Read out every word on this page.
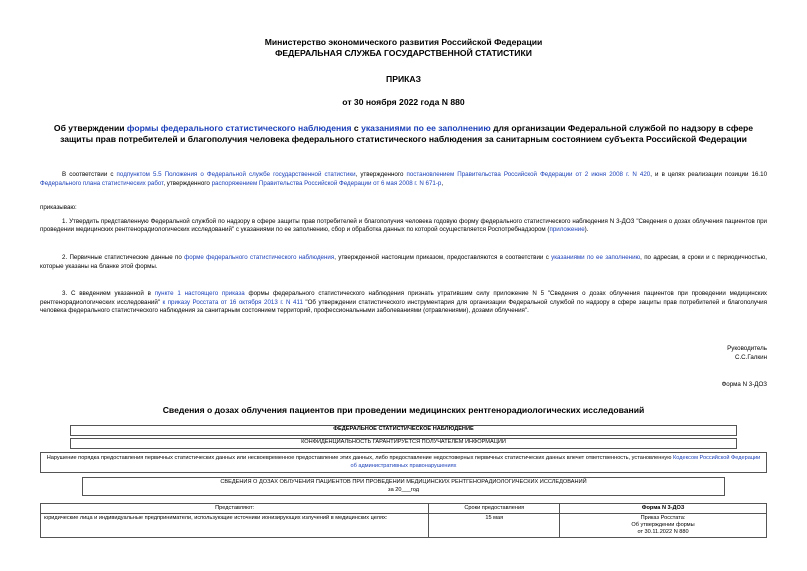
Министерство экономического развития Российской Федерации
ФЕДЕРАЛЬНАЯ СЛУЖБА ГОСУДАРСТВЕННОЙ СТАТИСТИКИ
ПРИКАЗ
от 30 ноября 2022 года N 880
Об утверждении формы федерального статистического наблюдения с указаниями по ее заполнению для организации Федеральной службой по надзору в сфере защиты прав потребителей и благополучия человека федерального статистического наблюдения за санитарным состоянием субъекта Российской Федерации
В соответствии с подпунктом 5.5 Положения о Федеральной службе государственной статистики, утвержденного постановлением Правительства Российской Федерации от 2 июня 2008 г. N 420, и в целях реализации позиции 16.10 Федерального плана статистических работ, утвержденного распоряжением Правительства Российской Федерации от 6 мая 2008 г. N 671-р,
приказываю:
1. Утвердить представленную Федеральной службой по надзору в сфере защиты прав потребителей и благополучия человека годовую форму федерального статистического наблюдения N 3-ДОЗ "Сведения о дозах облучения пациентов при проведении медицинских рентгенорадиологических исследований" с указаниями по ее заполнению, сбор и обработка данных по которой осуществляется Роспотребнадзором (приложение).
2. Первичные статистические данные по форме федерального статистического наблюдения, утвержденной настоящим приказом, предоставляются в соответствии с указаниями по ее заполнению, по адресам, в сроки и с периодичностью, которые указаны на бланке этой формы.
3. С введением указанной в пункте 1 настоящего приказа формы федерального статистического наблюдения признать утратившим силу приложение N 5 "Сведения о дозах облучения пациентов при проведении медицинских рентгенорадиологических исследований" к приказу Росстата от 16 октября 2013 г. N 411 "Об утверждении статистического инструментария для организации Федеральной службой по надзору в сфере защиты прав потребителей и благополучия человека федерального статистического наблюдения за санитарным состоянием территорий, профессиональными заболеваниями (отравлениями), дозами облучения".
Руководитель
С.С.Галкин
Форма N 3-ДОЗ
Сведения о дозах облучения пациентов при проведении медицинских рентгенорадиологических исследований
ФЕДЕРАЛЬНОЕ СТАТИСТИЧЕСКОЕ НАБЛЮДЕНИЕ
КОНФИДЕНЦИАЛЬНОСТЬ ГАРАНТИРУЕТСЯ ПОЛУЧАТЕЛЕМ ИНФОРМАЦИИ
Нарушение порядка предоставления первичных статистических данных или несвоевременное предоставление этих данных, либо предоставление недостоверных первичных статистических данных влечет ответственность, установленную Кодексом Российской Федерации об административных правонарушениях
СВЕДЕНИЯ О ДОЗАХ ОБЛУЧЕНИЯ ПАЦИЕНТОВ ПРИ ПРОВЕДЕНИИ МЕДИЦИНСКИХ РЕНТГЕНОРАДИОЛОГИЧЕСКИХ ИССЛЕДОВАНИЙ
за 20___год
Представляют:	Сроки предоставления	Форма N 3-ДОЗ
юридические лица и индивидуальные предприниматели, использующие источники ионизирующих излучений в медицинских целях:	15 мая	Приказ Росстата:
Об утверждении формы
от 30.11.2022 N 880
